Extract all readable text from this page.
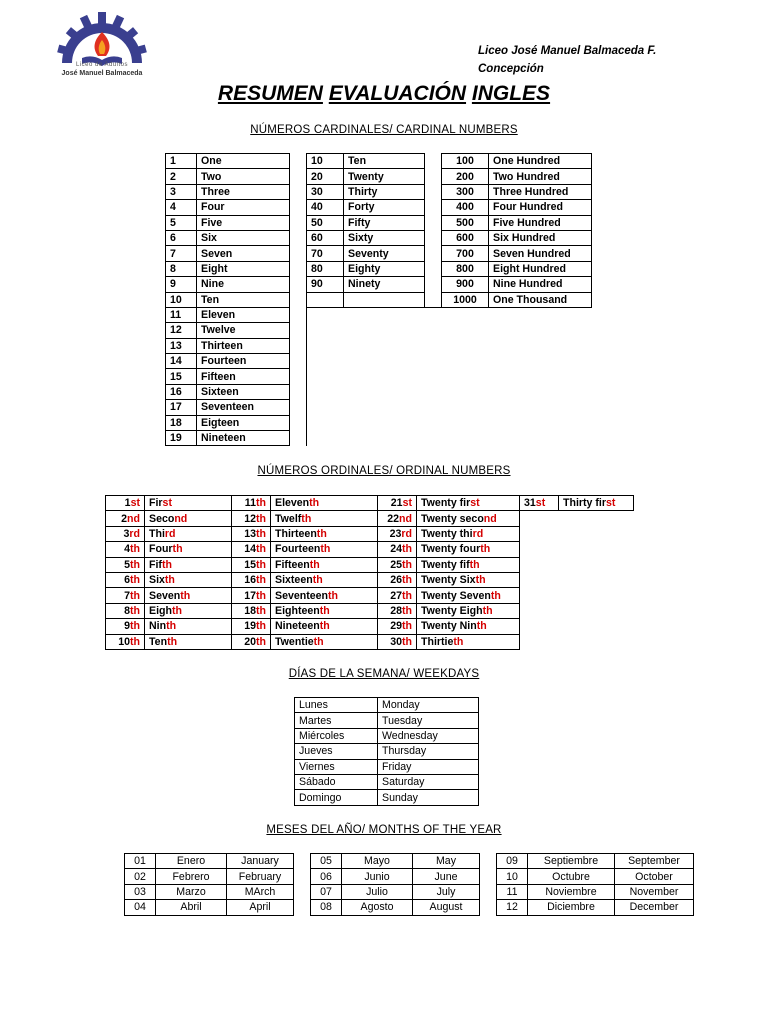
Liceo de Adultos
José Manuel Balmaceda
Liceo José Manuel Balmaceda F.
Concepción
RESUMEN EVALUACIÓN INGLES
NÚMEROS CARDINALES/ CARDINAL NUMBERS
1	One		10	Ten		100	One Hundred
2	Two		20	Twenty		200	Two Hundred
3	Three		30	Thirty		300	Three Hundred
4	Four		40	Forty		400	Four Hundred
5	Five		50	Fifty		500	Five Hundred
6	Six		60	Sixty		600	Six Hundred
7	Seven		70	Seventy		700	Seven Hundred
8	Eight		80	Eighty		800	Eight Hundred
9	Nine		90	Ninety		900	Nine Hundred
10	Ten					1000	One Thousand
11	Eleven						
12	Twelve						
13	Thirteen						
14	Fourteen						
15	Fifteen						
16	Sixteen						
17	Seventeen						
18	Eigteen						
19	Nineteen						
NÚMEROS ORDINALES/ ORDINAL NUMBERS
1st	First	11th	Eleventh	21st	Twenty first	31st	Thirty first
2nd	Second	12th	Twelfth	22nd	Twenty second		
3rd	Third	13th	Thirteenth	23rd	Twenty third		
4th	Fourth	14th	Fourteenth	24th	Twenty fourth		
5th	Fifth	15th	Fifteenth	25th	Twenty fifth		
6th	Sixth	16th	Sixteenth	26th	Twenty Sixth		
7th	Seventh	17th	Seventeenth	27th	Twenty Seventh		
8th	Eighth	18th	Eighteenth	28th	Twenty Eighth		
9th	Ninth	19th	Nineteenth	29th	Twenty Ninth		
10th	Tenth	20th	Twentieth	30th	Thirtieth		
DÍAS DE LA SEMANA/ WEEKDAYS
Lunes	Monday
Martes	Tuesday
Miércoles	Wednesday
Jueves	Thursday
Viernes	Friday
Sábado	Saturday
Domingo	Sunday
MESES DEL AÑO/ MONTHS OF THE YEAR
01	Enero	January		05	Mayo	May		09	Septiembre	September
02	Febrero	February		06	Junio	June		10	Octubre	October
03	Marzo	MArch		07	Julio	July		11	Noviembre	November
04	Abril	April		08	Agosto	August		12	Diciembre	December
